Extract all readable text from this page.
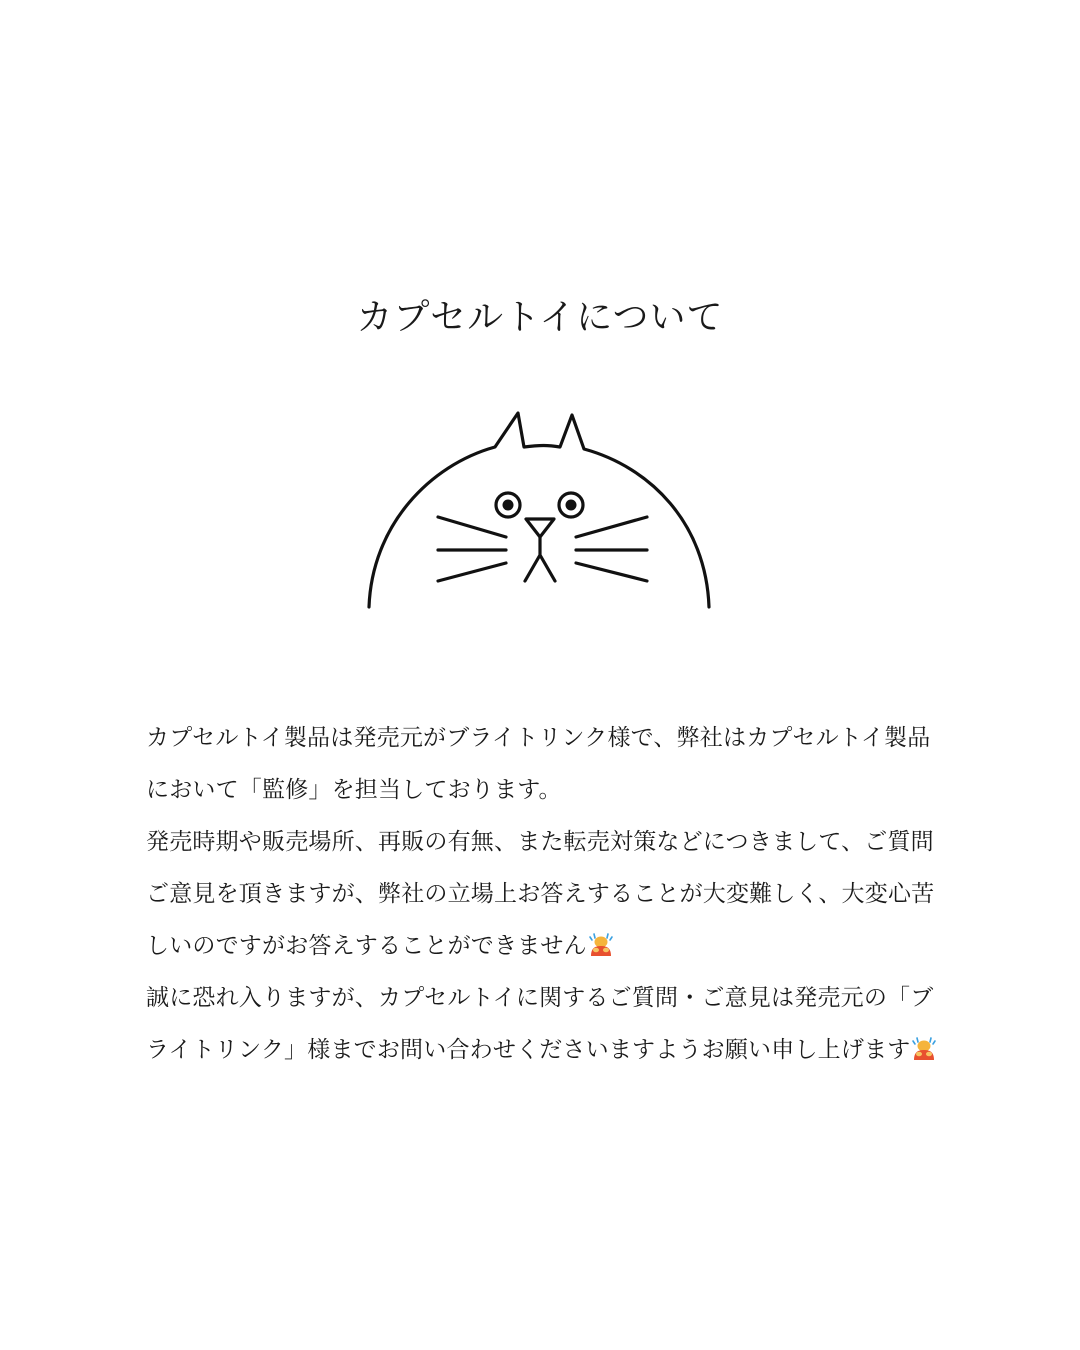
カプセルトイについて

カプセルトイ製品は発売元がブライトリンク様で、弊社はカプセルトイ製品において「監修」を担当しております。

発売時期や販売場所、再販の有無、また転売対策などにつきまして、ご質問ご意見を頂きますが、弊社の立場上お答えすることが大変難しく、大変心苦しいのですがお答えすることができません

誠に恐れ入りますが、カプセルトイに関するご質問・ご意見は発売元の「ブライトリンク」様までお問い合わせくださいますようお願い申し上げます
